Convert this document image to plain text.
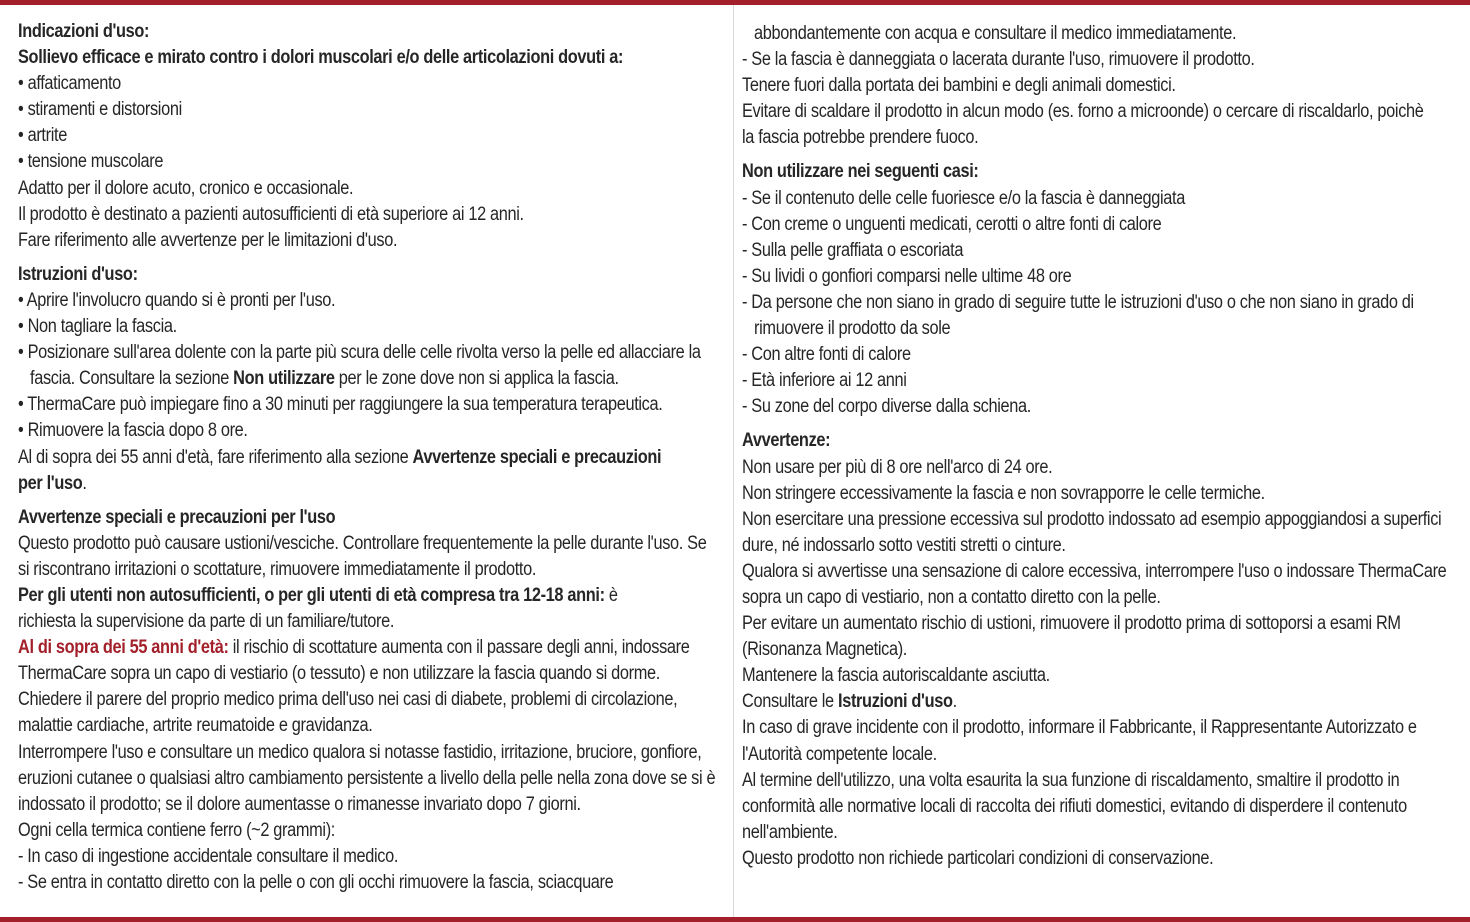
Indicazioni d'uso:

Sollievo efficace e mirato contro i dolori muscolari e/o delle articolazioni dovuti a:

• affaticamento

• stiramenti e distorsioni

• artrite

• tensione muscolare

Adatto per il dolore acuto, cronico e occasionale.

Il prodotto è destinato a pazienti autosufficienti di età superiore ai 12 anni.

Fare riferimento alle avvertenze per le limitazioni d'uso.

Istruzioni d'uso:

• Aprire l'involucro quando si è pronti per l'uso.

• Non tagliare la fascia.

• Posizionare sull'area dolente con la parte più scura delle celle rivolta verso la pelle ed allacciare la

fascia. Consultare la sezione Non utilizzare per le zone dove non si applica la fascia.

• ThermaCare può impiegare fino a 30 minuti per raggiungere la sua temperatura terapeutica.

• Rimuovere la fascia dopo 8 ore.

Al di sopra dei 55 anni d'età, fare riferimento alla sezione Avvertenze speciali e precauzioni

per l'uso.

Avvertenze speciali e precauzioni per l'uso

Questo prodotto può causare ustioni/vesciche. Controllare frequentemente la pelle durante l'uso. Se

si riscontrano irritazioni o scottature, rimuovere immediatamente il prodotto.

Per gli utenti non autosufficienti, o per gli utenti di età compresa tra 12-18 anni: è

richiesta la supervisione da parte di un familiare/tutore.

Al di sopra dei 55 anni d'età: il rischio di scottature aumenta con il passare degli anni, indossare

ThermaCare sopra un capo di vestiario (o tessuto) e non utilizzare la fascia quando si dorme.

Chiedere il parere del proprio medico prima dell'uso nei casi di diabete, problemi di circolazione,

malattie cardiache, artrite reumatoide e gravidanza.

Interrompere l'uso e consultare un medico qualora si notasse fastidio, irritazione, bruciore, gonfiore,

eruzioni cutanee o qualsiasi altro cambiamento persistente a livello della pelle nella zona dove se si è

indossato il prodotto; se il dolore aumentasse o rimanesse invariato dopo 7 giorni.

Ogni cella termica contiene ferro (~2 grammi):

- In caso di ingestione accidentale consultare il medico.

- Se entra in contatto diretto con la pelle o con gli occhi rimuovere la fascia, sciacquare

abbondantemente con acqua e consultare il medico immediatamente.

- Se la fascia è danneggiata o lacerata durante l'uso, rimuovere il prodotto.

Tenere fuori dalla portata dei bambini e degli animali domestici.

Evitare di scaldare il prodotto in alcun modo (es. forno a microonde) o cercare di riscaldarlo, poichè

la fascia potrebbe prendere fuoco.

Non utilizzare nei seguenti casi:

- Se il contenuto delle celle fuoriesce e/o la fascia è danneggiata

- Con creme o unguenti medicati, cerotti o altre fonti di calore

- Sulla pelle graffiata o escoriata

- Su lividi o gonfiori comparsi nelle ultime 48 ore

- Da persone che non siano in grado di seguire tutte le istruzioni d'uso o che non siano in grado di

rimuovere il prodotto da sole

- Con altre fonti di calore

- Età inferiore ai 12 anni

- Su zone del corpo diverse dalla schiena.

Avvertenze:

Non usare per più di 8 ore nell'arco di 24 ore.

Non stringere eccessivamente la fascia e non sovrapporre le celle termiche.

Non esercitare una pressione eccessiva sul prodotto indossato ad esempio appoggiandosi a superfici

dure, né indossarlo sotto vestiti stretti o cinture.

Qualora si avvertisse una sensazione di calore eccessiva, interrompere l'uso o indossare ThermaCare

sopra un capo di vestiario, non a contatto diretto con la pelle.

Per evitare un aumentato rischio di ustioni, rimuovere il prodotto prima di sottoporsi a esami RM

(Risonanza Magnetica).

Mantenere la fascia autoriscaldante asciutta.

Consultare le Istruzioni d'uso.

In caso di grave incidente con il prodotto, informare il Fabbricante, il Rappresentante Autorizzato e

l'Autorità competente locale.

Al termine dell'utilizzo, una volta esaurita la sua funzione di riscaldamento, smaltire il prodotto in

conformità alle normative locali di raccolta dei rifiuti domestici, evitando di disperdere il contenuto

nell'ambiente.

Questo prodotto non richiede particolari condizioni di conservazione.
